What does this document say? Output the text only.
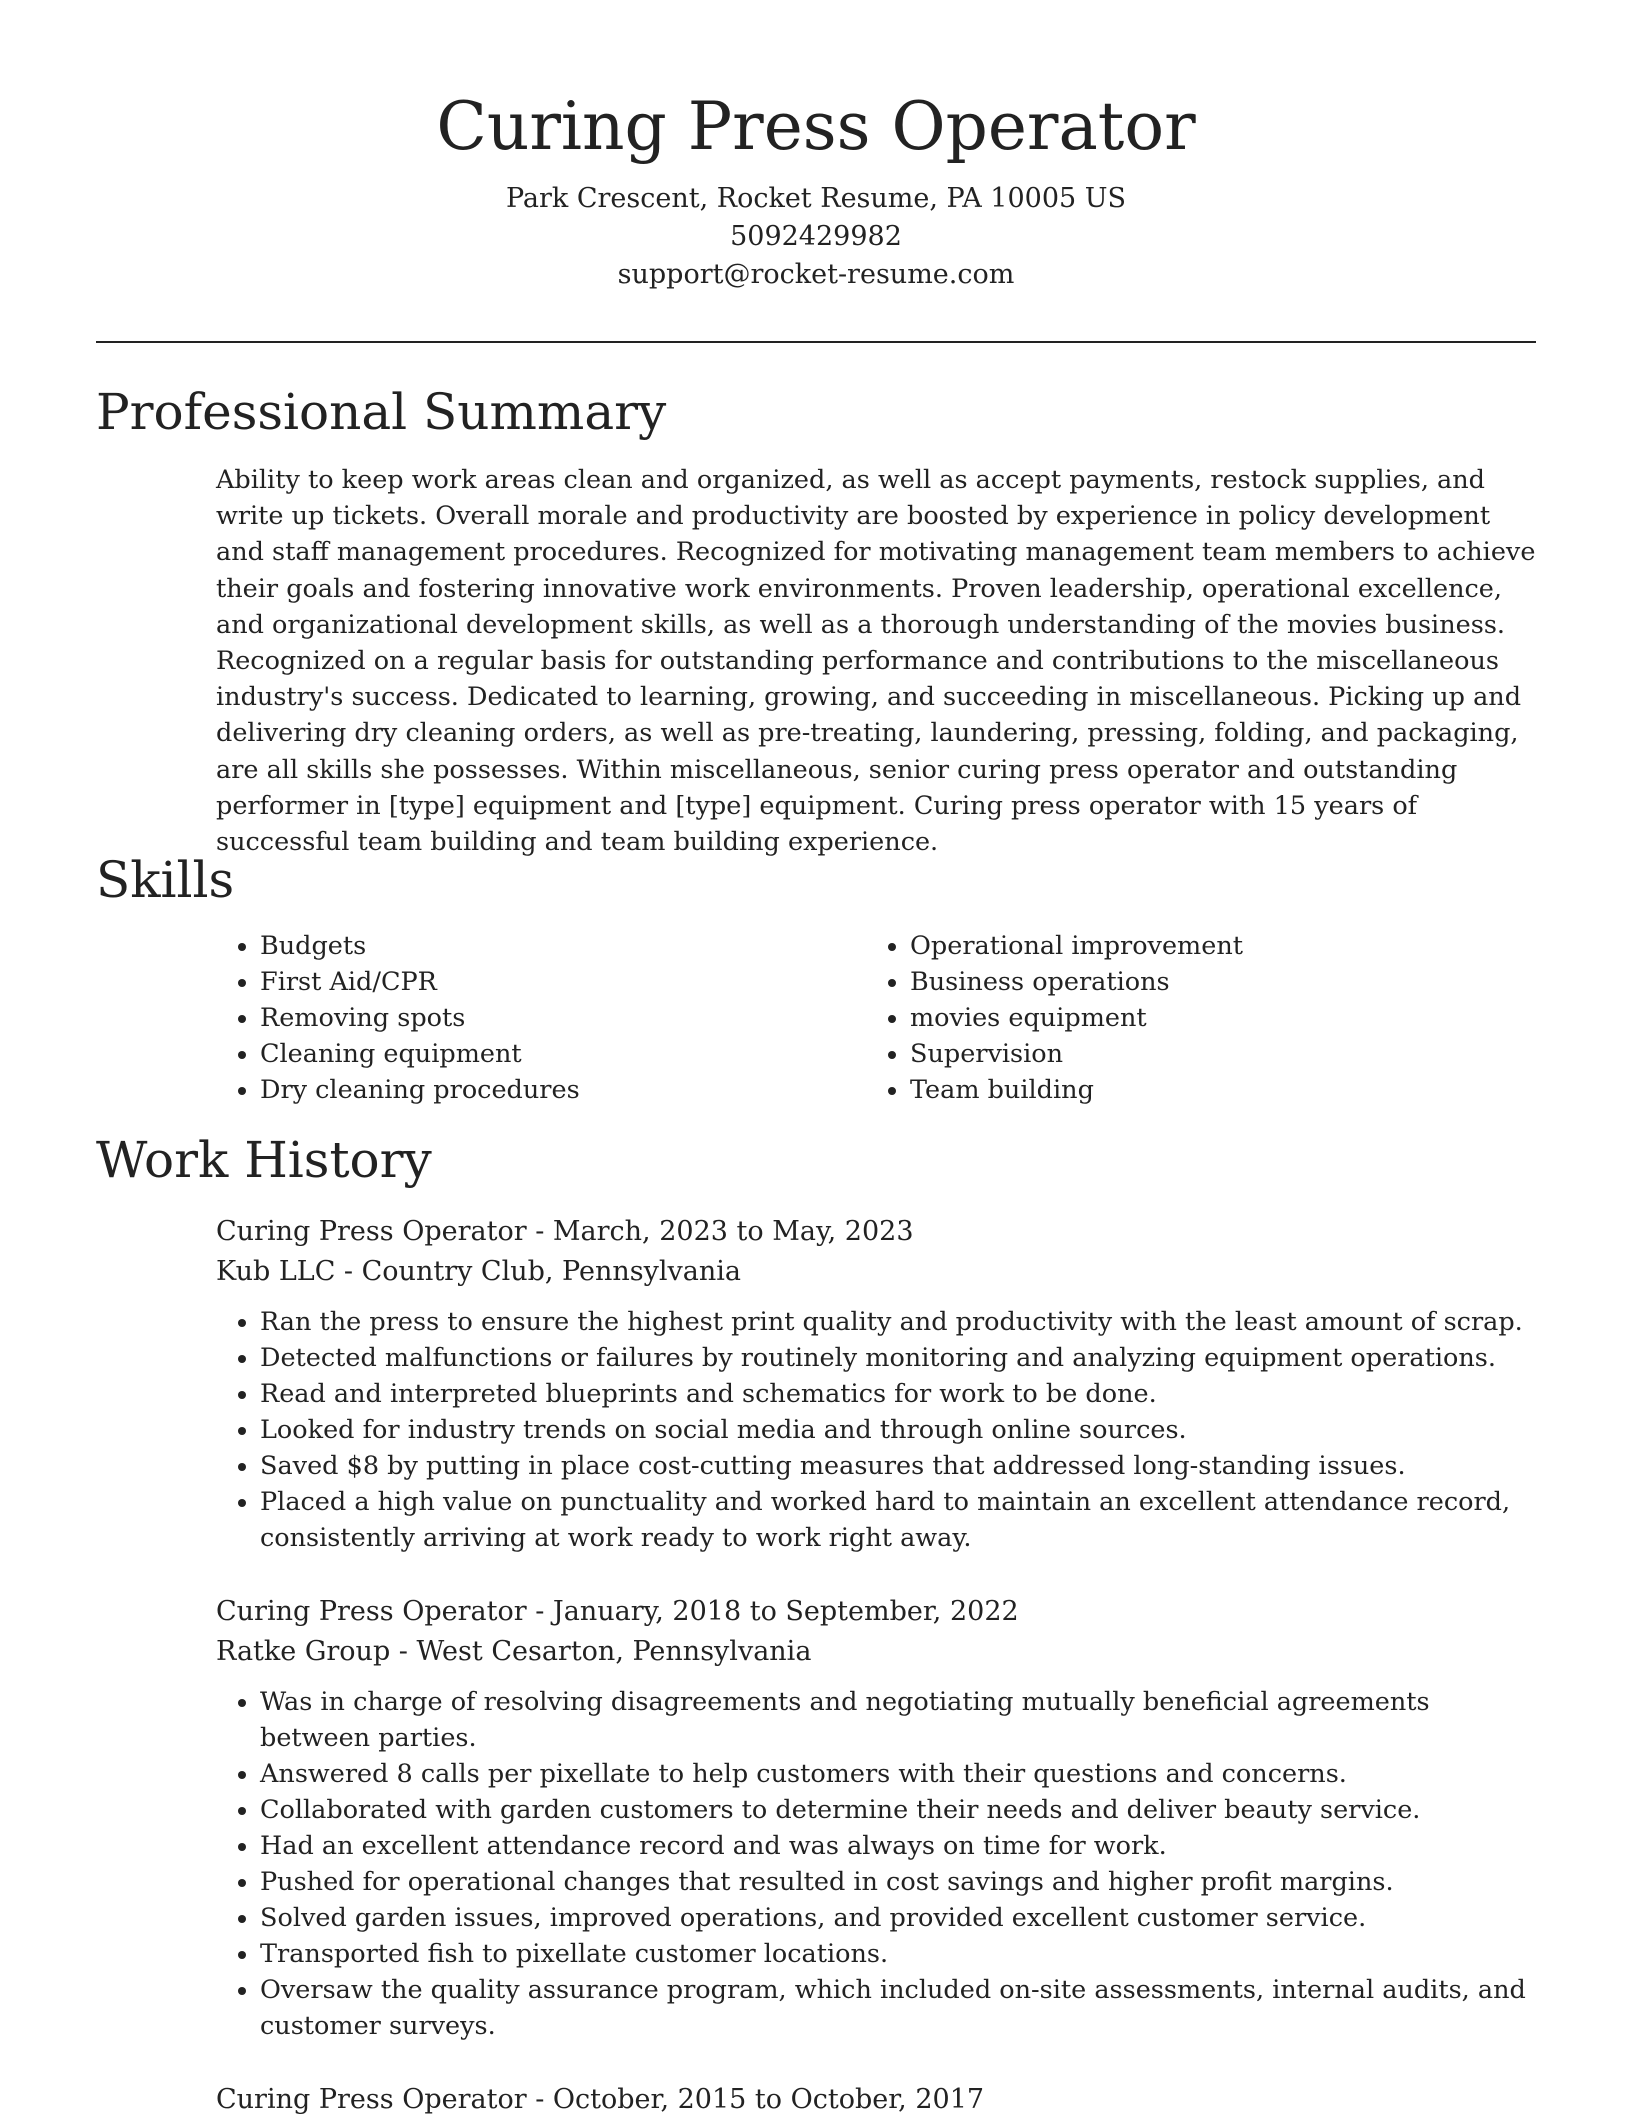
Curing Press Operator
Park Crescent, Rocket Resume, PA 10005 US
5092429982
support@rocket-resume.com
Professional Summary

Ability to keep work areas clean and organized, as well as accept payments, restock supplies, and write up tickets. Overall morale and productivity are boosted by experience in policy development and staff management procedures. Recognized for motivating management team members to achieve their goals and fostering innovative work environments. Proven leadership, operational excellence, and organizational development skills, as well as a thorough understanding of the movies business. Recognized on a regular basis for outstanding performance and contributions to the miscellaneous industry's success. Dedicated to learning, growing, and succeeding in miscellaneous. Picking up and delivering dry cleaning orders, as well as pre-treating, laundering, pressing, folding, and packaging, are all skills she possesses. Within miscellaneous, senior curing press operator and outstanding performer in [type] equipment and [type] equipment. Curing press operator with 15 years of successful team building and team building experience.

Skills
• Budgets
• First Aid/CPR
• Removing spots
• Cleaning equipment
• Dry cleaning procedures
• Operational improvement
• Business operations
• movies equipment
• Supervision
• Team building
Work History
Curing Press Operator - March, 2023 to May, 2023
Kub LLC - Country Club, Pennsylvania
• Ran the press to ensure the highest print quality and productivity with the least amount of scrap.
• Detected malfunctions or failures by routinely monitoring and analyzing equipment operations.
• Read and interpreted blueprints and schematics for work to be done.
• Looked for industry trends on social media and through online sources.
• Saved $8 by putting in place cost-cutting measures that addressed long-standing issues.
• Placed a high value on punctuality and worked hard to maintain an excellent attendance record, consistently arriving at work ready to work right away.
Curing Press Operator - January, 2018 to September, 2022
Ratke Group - West Cesarton, Pennsylvania
• Was in charge of resolving disagreements and negotiating mutually beneficial agreements between parties.
• Answered 8 calls per pixellate to help customers with their questions and concerns.
• Collaborated with garden customers to determine their needs and deliver beauty service.
• Had an excellent attendance record and was always on time for work.
• Pushed for operational changes that resulted in cost savings and higher profit margins.
• Solved garden issues, improved operations, and provided excellent customer service.
• Transported fish to pixellate customer locations.
• Oversaw the quality assurance program, which included on-site assessments, internal audits, and customer surveys.
Curing Press Operator - October, 2015 to October, 2017
